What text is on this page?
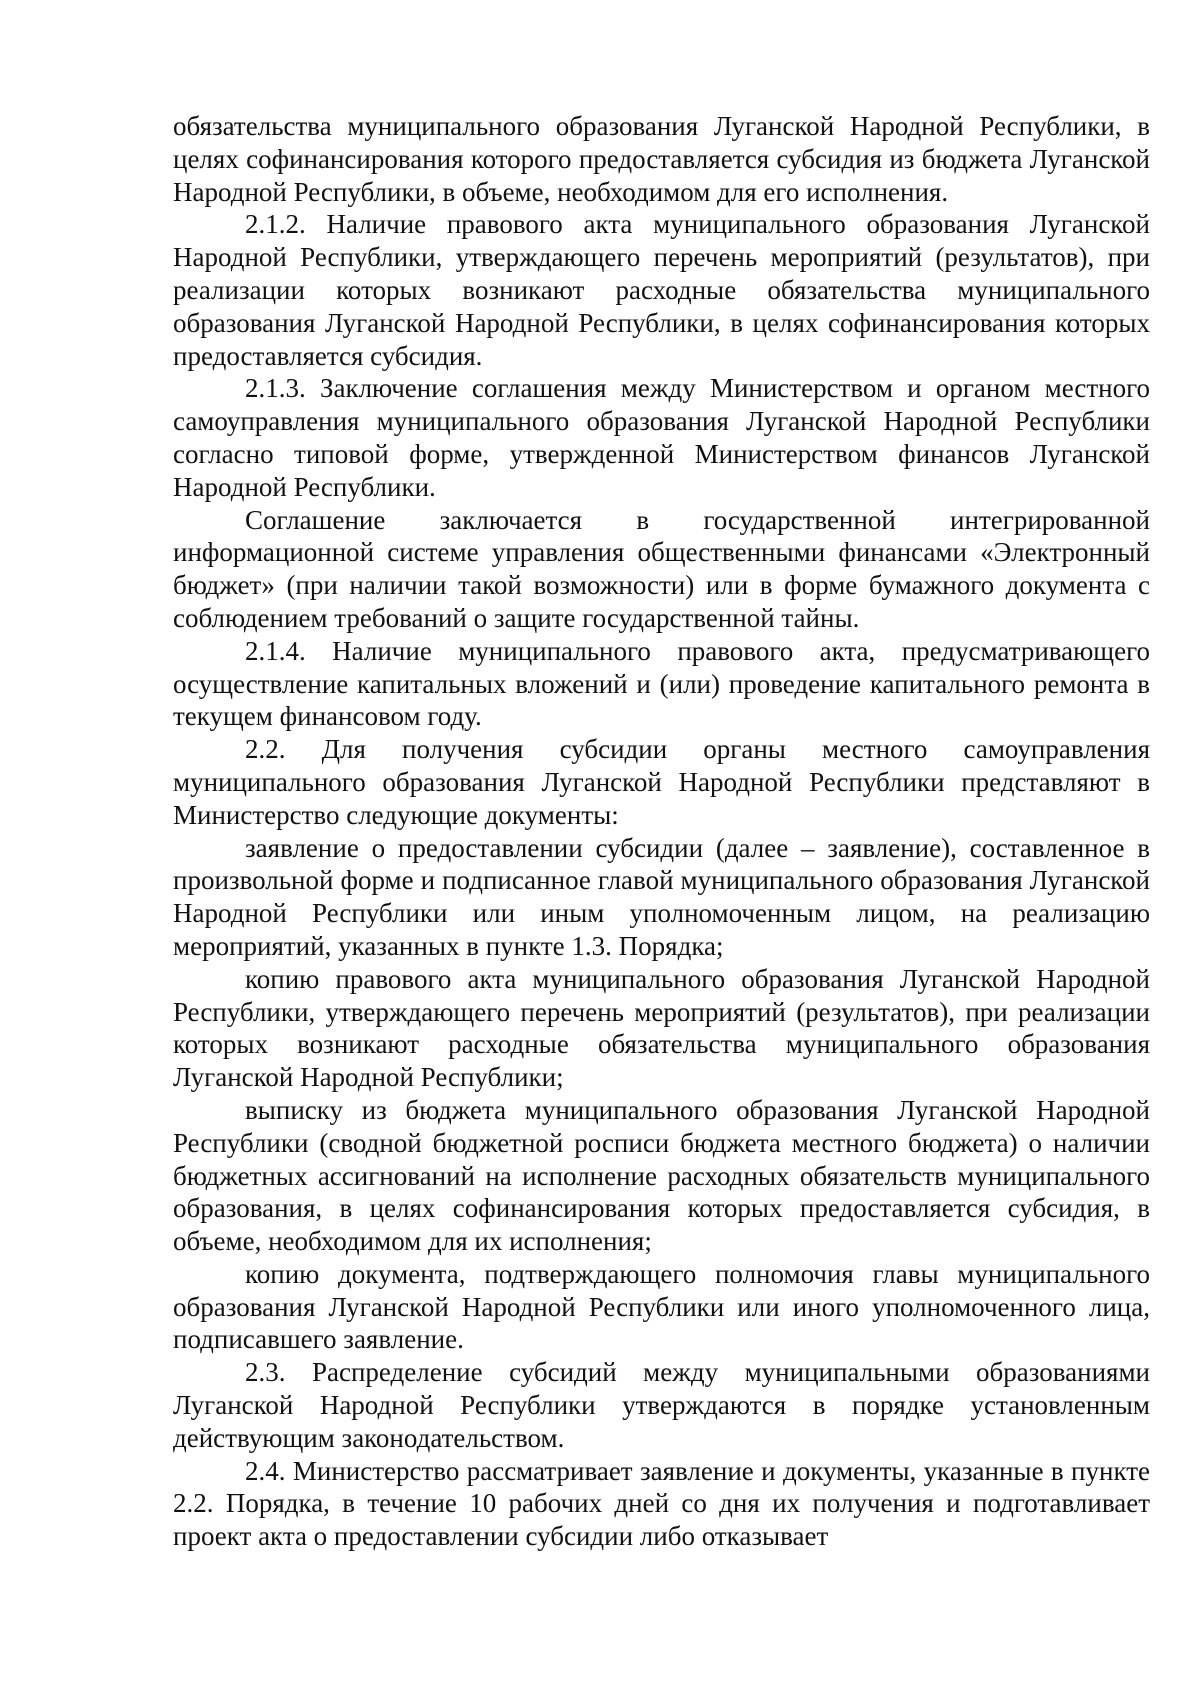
обязательства муниципального образования Луганской Народной Республики, в целях софинансирования которого предоставляется субсидия из бюджета Луганской Народной Республики, в объеме, необходимом для его исполнения.

2.1.2. Наличие правового акта муниципального образования Луганской Народной Республики, утверждающего перечень мероприятий (результатов), при реализации которых возникают расходные обязательства муниципального образования Луганской Народной Республики, в целях софинансирования которых предоставляется субсидия.

2.1.3. Заключение соглашения между Министерством и органом местного самоуправления муниципального образования Луганской Народной Республики согласно типовой форме, утвержденной Министерством финансов Луганской Народной Республики.

Соглашение заключается в государственной интегрированной информационной системе управления общественными финансами «Электронный бюджет» (при наличии такой возможности) или в форме бумажного документа с соблюдением требований о защите государственной тайны.

2.1.4. Наличие муниципального правового акта, предусматривающего осуществление капитальных вложений и (или) проведение капитального ремонта в текущем финансовом году.

2.2. Для получения субсидии органы местного самоуправления муниципального образования Луганской Народной Республики представляют в Министерство следующие документы:

заявление о предоставлении субсидии (далее – заявление), составленное в произвольной форме и подписанное главой муниципального образования Луганской Народной Республики или иным уполномоченным лицом, на реализацию мероприятий, указанных в пункте 1.3. Порядка;

копию правового акта муниципального образования Луганской Народной Республики, утверждающего перечень мероприятий (результатов), при реализации которых возникают расходные обязательства муниципального образования Луганской Народной Республики;

выписку из бюджета муниципального образования Луганской Народной Республики (сводной бюджетной росписи бюджета местного бюджета) о наличии бюджетных ассигнований на исполнение расходных обязательств муниципального образования, в целях софинансирования которых предоставляется субсидия, в объеме, необходимом для их исполнения;

копию документа, подтверждающего полномочия главы муниципального образования Луганской Народной Республики или иного уполномоченного лица, подписавшего заявление.

2.3. Распределение субсидий между муниципальными образованиями Луганской Народной Республики утверждаются в порядке установленным действующим законодательством.

2.4. Министерство рассматривает заявление и документы, указанные в пункте 2.2. Порядка, в течение 10 рабочих дней со дня их получения и подготавливает проект акта о предоставлении субсидии либо отказывает
